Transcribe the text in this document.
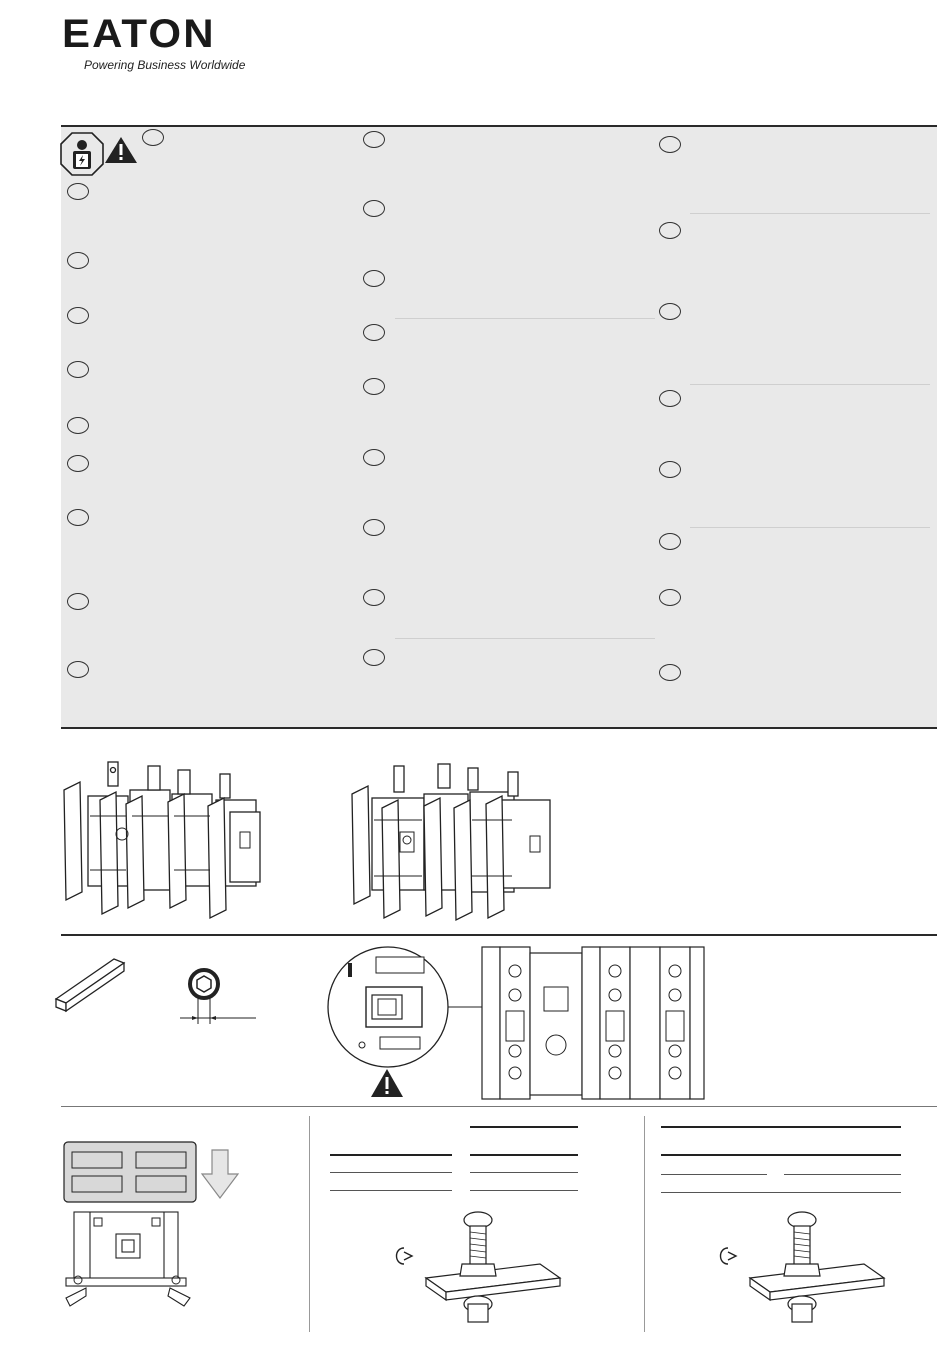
EATON
Powering Business Worldwide
